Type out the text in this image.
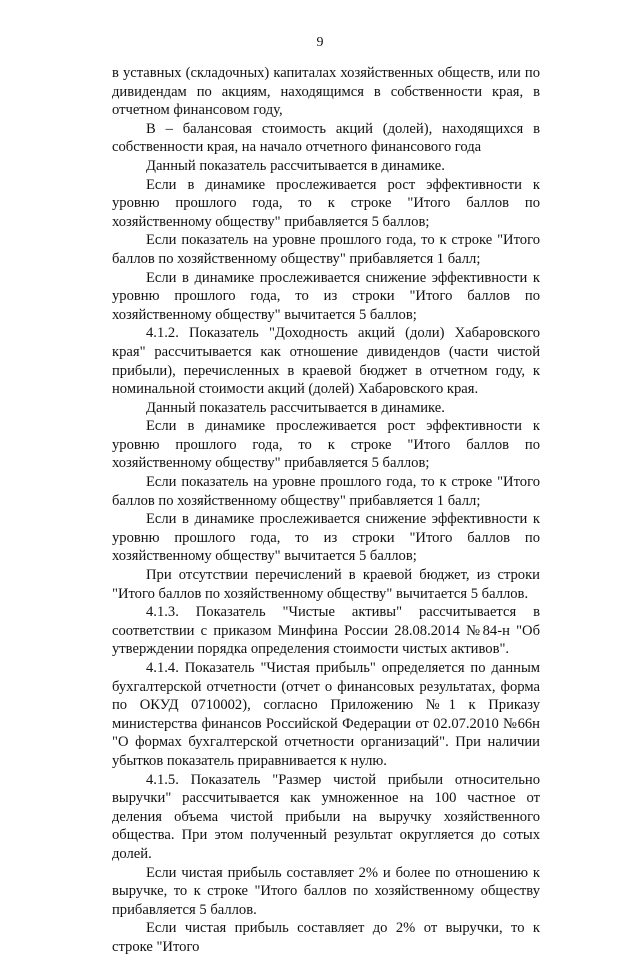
9

в уставных (складочных) капиталах хозяйственных обществ, или по дивидендам по акциям, находящимся в собственности края, в отчетном финансовом году,

В – балансовая стоимость акций (долей), находящихся в собственности края, на начало отчетного финансового года

Данный показатель рассчитывается в динамике.

Если в динамике прослеживается рост эффективности к уровню прошлого года, то к строке "Итого баллов по хозяйственному обществу" прибавляется 5 баллов;

Если показатель на уровне прошлого года, то к строке "Итого баллов по хозяйственному обществу" прибавляется 1 балл;

Если в динамике прослеживается снижение эффективности к уровню прошлого года, то из строки "Итого баллов по хозяйственному обществу" вычитается 5 баллов;

4.1.2. Показатель "Доходность акций (доли) Хабаровского края" рассчитывается как отношение дивидендов (части чистой прибыли), перечисленных в краевой бюджет в отчетном году, к номинальной стоимости акций (долей) Хабаровского края.

Данный показатель рассчитывается в динамике.

Если в динамике прослеживается рост эффективности к уровню прошлого года, то к строке "Итого баллов по хозяйственному обществу" прибавляется 5 баллов;

Если показатель на уровне прошлого года, то к строке "Итого баллов по хозяйственному обществу" прибавляется 1 балл;

Если в динамике прослеживается снижение эффективности к уровню прошлого года, то из строки "Итого баллов по хозяйственному обществу" вычитается 5 баллов;

При отсутствии перечислений в краевой бюджет, из строки "Итого баллов по хозяйственному обществу" вычитается 5 баллов.

4.1.3. Показатель "Чистые активы" рассчитывается в соответствии с приказом Минфина России 28.08.2014 №84-н "Об утверждении порядка определения стоимости чистых активов".

4.1.4. Показатель "Чистая прибыль" определяется по данным бухгалтерской отчетности (отчет о финансовых результатах, форма по ОКУД 0710002), согласно Приложению №1 к Приказу министерства финансов Российской Федерации от 02.07.2010 №66н "О формах бухгалтерской отчетности организаций". При наличии убытков показатель приравнивается к нулю.

4.1.5. Показатель "Размер чистой прибыли относительно выручки" рассчитывается как умноженное на 100 частное от деления объема чистой прибыли на выручку хозяйственного общества. При этом полученный результат округляется до сотых долей.

Если чистая прибыль составляет 2% и более по отношению к выручке, то к строке "Итого баллов по хозяйственному обществу прибавляется 5 баллов.

Если чистая прибыль составляет до 2% от выручки, то к строке "Итого
